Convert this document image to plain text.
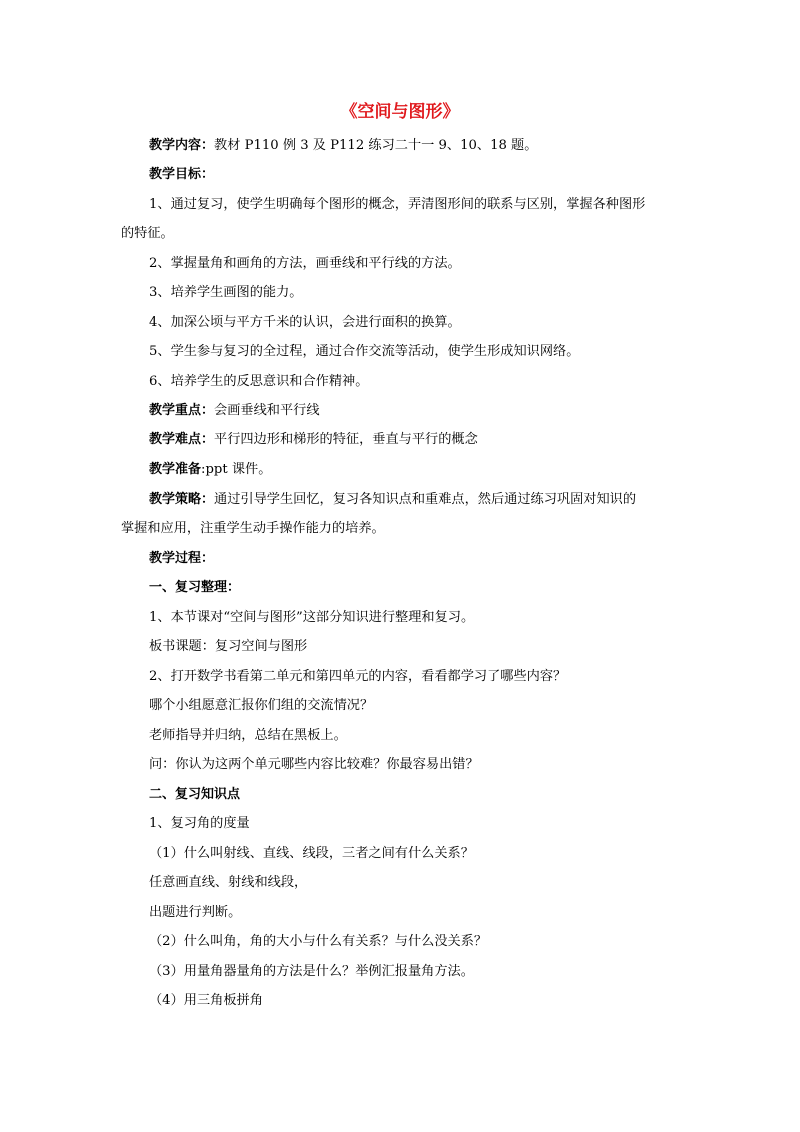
《空间与图形》
教学内容：教材 P110 例 3 及 P112 练习二十一 9、10、18 题。
教学目标：
1、通过复习，使学生明确每个图形的概念，弄清图形间的联系与区别，掌握各种图形
的特征。
2、掌握量角和画角的方法，画垂线和平行线的方法。
3、培养学生画图的能力。
4、加深公顷与平方千米的认识，会进行面积的换算。
5、学生参与复习的全过程，通过合作交流等活动，使学生形成知识网络。
6、培养学生的反思意识和合作精神。
教学重点：会画垂线和平行线
教学难点：平行四边形和梯形的特征，垂直与平行的概念
教学准备:ppt 课件。
教学策略：通过引导学生回忆，复习各知识点和重难点，然后通过练习巩固对知识的
掌握和应用，注重学生动手操作能力的培养。
教学过程：
一、复习整理：
1、本节课对“空间与图形”这部分知识进行整理和复习。
板书课题：复习空间与图形
2、打开数学书看第二单元和第四单元的内容，看看都学习了哪些内容？
哪个小组愿意汇报你们组的交流情况？
老师指导并归纳，总结在黑板上。
问：你认为这两个单元哪些内容比较难？你最容易出错？
二、复习知识点
1、复习角的度量
（1）什么叫射线、直线、线段，三者之间有什么关系？
任意画直线、射线和线段，
出题进行判断。
（2）什么叫角，角的大小与什么有关系？与什么没关系？
（3）用量角器量角的方法是什么？举例汇报量角方法。
（4）用三角板拼角
